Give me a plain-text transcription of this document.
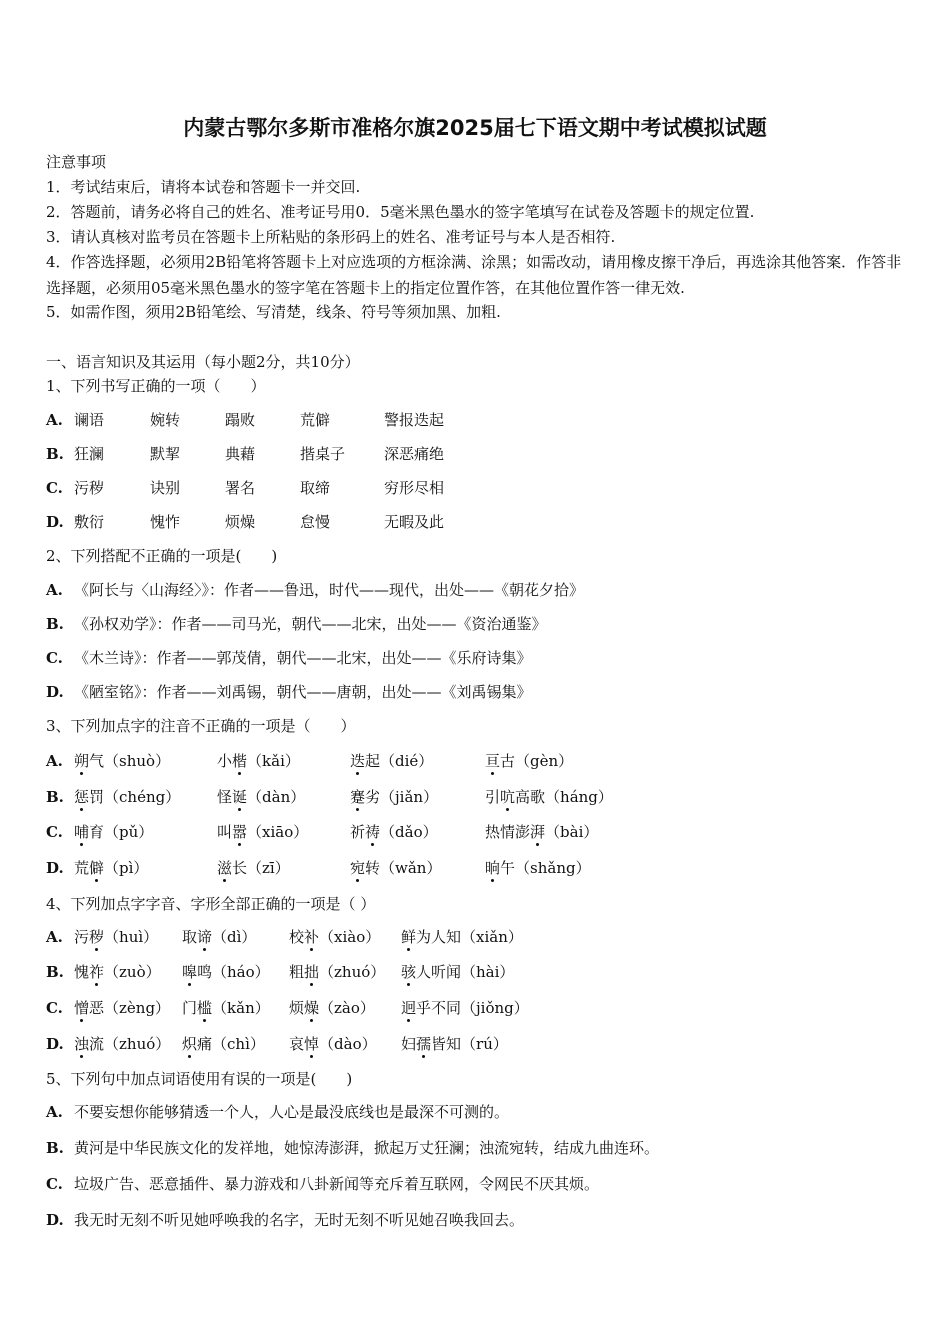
内蒙古鄂尔多斯市准格尔旗2025届七下语文期中考试模拟试题
注意事项
1．考试结束后，请将本试卷和答题卡一并交回.
2．答题前，请务必将自己的姓名、准考证号用0．5毫米黑色墨水的签字笔填写在试卷及答题卡的规定位置.
3．请认真核对监考员在答题卡上所粘贴的条形码上的姓名、准考证号与本人是否相符.
4．作答选择题，必须用2B铅笔将答题卡上对应选项的方框涂满、涂黑；如需改动，请用橡皮擦干净后，再选涂其他答案．作答非选择题，必须用05毫米黑色墨水的签字笔在答题卡上的指定位置作答，在其他位置作答一律无效.
5．如需作图，须用2B铅笔绘、写清楚，线条、符号等须加黑、加粗.
一、语言知识及其运用（每小题2分，共10分）
1、下列书写正确的一项（　　）
A. 谰语	婉转	蹋败	荒僻	警报迭起
B. 狂澜	默挈	典藉	揩桌子	深恶痛绝
C. 污秽	诀别	署名	取缔	穷形尽相
D. 敷衍	愧怍	烦燥	怠慢	无暇及此
2、下列搭配不正确的一项是(　　)
A. 《阿长与〈山海经〉》：作者——鲁迅，时代——现代，出处——《朝花夕拾》
B. 《孙权劝学》：作者——司马光，朝代——北宋，出处——《资治通鉴》
C. 《木兰诗》：作者——郭茂倩，朝代——北宋，出处——《乐府诗集》
D. 《陋室铭》：作者——刘禹锡，朝代——唐朝，出处——《刘禹锡集》
3、下列加点字的注音不正确的一项是（　　）
A. 朔气（shuò）	小楷（kǎi）	迭起（dié）	亘古（gèn）
B. 惩罚（chéng） 怪诞（dàn）	蹇劣（jiǎn）	引吭高歌（háng）
C. 哺育（pǔ）	叫嚣（xiāo）	祈祷（dǎo）	热情澎湃（bài）
D. 荒僻（pì）	滋长（zī）	宛转（wǎn）	晌午（shǎng）
4、下列加点字字音、字形全部正确的一项是（ ）
A. 污秽（huì） 取谛（dì） 校补（xiào） 鲜为人知（xiǎn）
B. 愧祚（zuò） 嗥鸣（háo） 粗拙（zhuó） 骇人听闻（hài）
C. 憎恶（zèng） 门槛（kǎn） 烦燥（zào） 迥乎不同（jiǒng）
D. 浊流（zhuó） 炽痛（chì） 哀悼（dào） 妇孺皆知（rú）
5、下列句中加点词语使用有误的一项是(　　)
A. 不要妄想你能够猜透一个人，人心是最没底线也是最深不可测的。
B. 黄河是中华民族文化的发祥地，她惊涛澎湃，掀起万丈狂澜；浊流宛转，结成九曲连环。
C. 垃圾广告、恶意插件、暴力游戏和八卦新闻等充斥着互联网，令网民不厌其烦。
D. 我无时无刻不听见她呼唤我的名字，无时无刻不听见她召唤我回去。
